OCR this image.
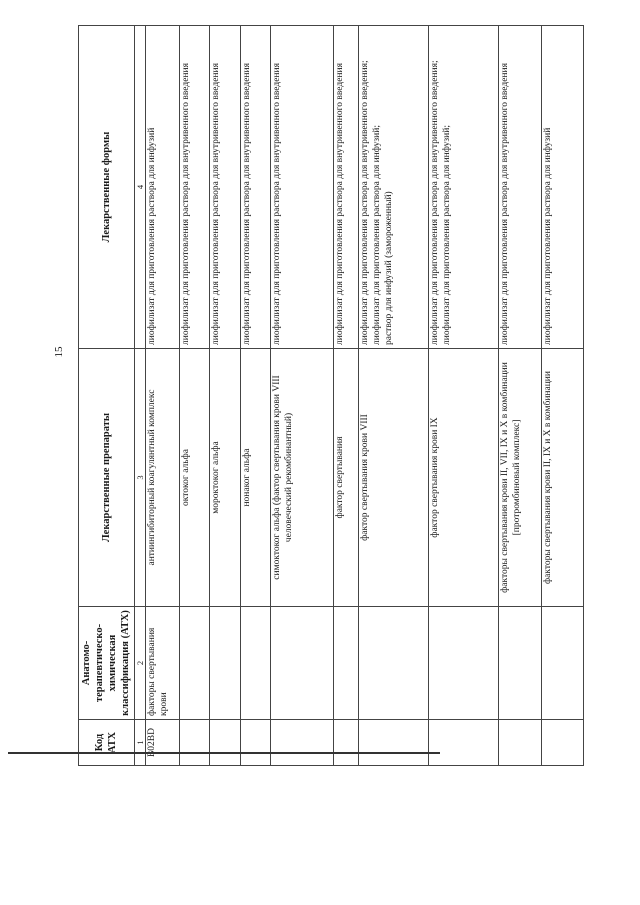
15
Код АТХ	Анатомо-терапевтическо-химическая классификация (АТХ)	Лекарственные препараты	Лекарственные формы
1	2	3	4
B02BD	факторы свертывания крови	антиингибиторный коагулянтный комплекс	лиофилизат для приготовления раствора для инфузий

		октоког альфа	лиофилизат для приготовления раствора для внутривенного введения

		мороктоког альфа	лиофилизат для приготовления раствора для внутривенного введения

		нонаког альфа	лиофилизат для приготовления раствора для внутривенного введения

		симоктоког альфа (фактор свертывания крови VIII человеческий рекомбинантный)	лиофилизат для приготовления раствора для внутривенного введения

		фактор свертывания	лиофилизат для приготовления раствора для внутривенного введения

		фактор свертывания крови VIII	лиофилизат для приготовления раствора для внутривенного введения; лиофилизат для приготовления раствора для инфузий; раствор для инфузий (замороженный)

		фактор свертывания крови IX	лиофилизат для приготовления раствора для внутривенного введения; лиофилизат для приготовления раствора для инфузий;

		факторы свертывания крови II, VII, IX и X в комбинации [протромбиновый комплекс]	лиофилизат для приготовления раствора для внутривенного введения

		факторы свертывания крови II, IX и X в комбинации	лиофилизат для приготовления раствора для инфузий
